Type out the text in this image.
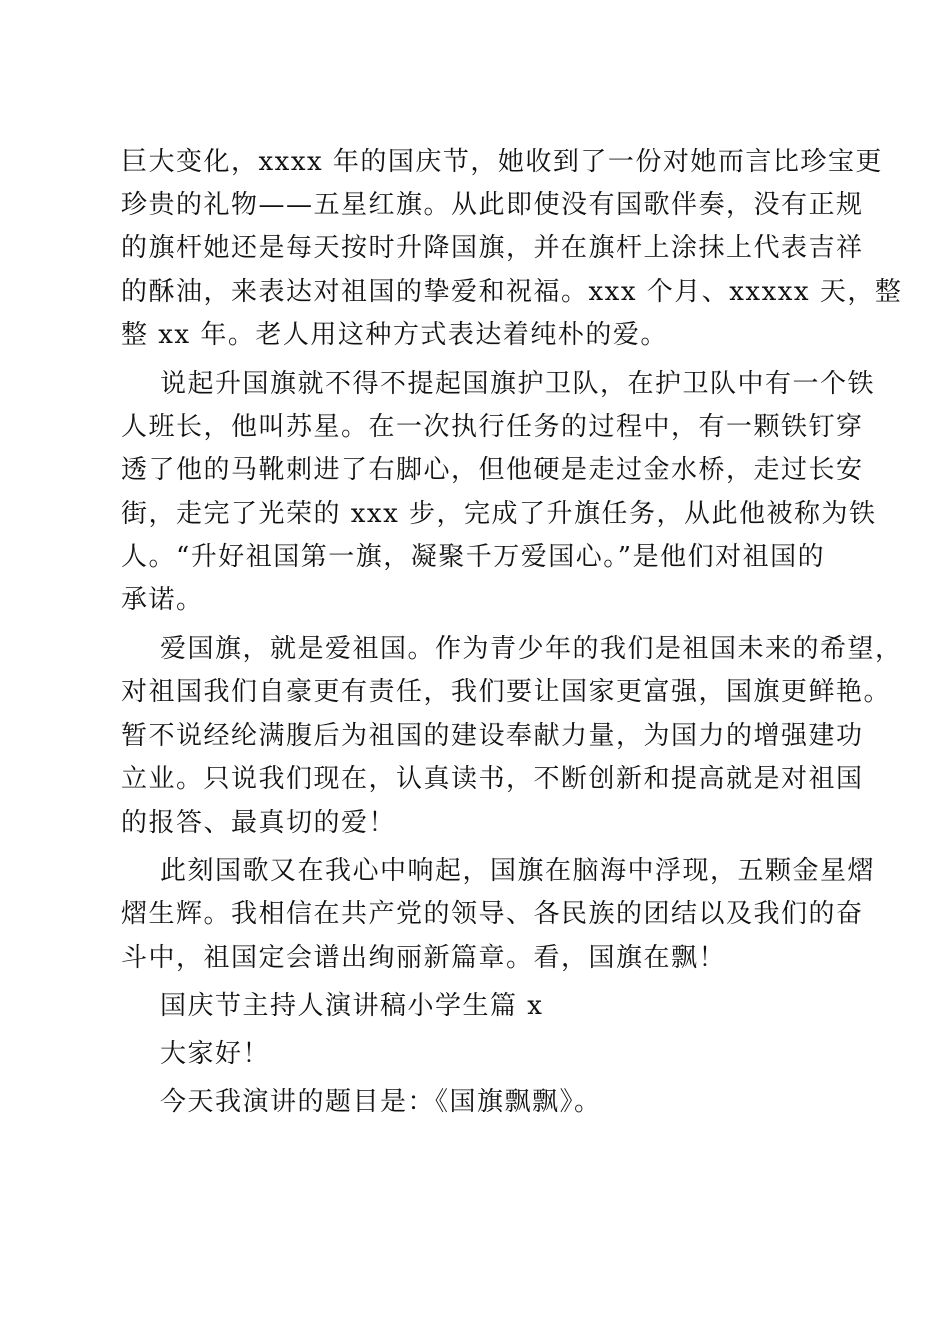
巨大变化，xxxx 年的国庆节，她收到了一份对她而言比珍宝更
珍贵的礼物——五星红旗。从此即使没有国歌伴奏，没有正规
的旗杆她还是每天按时升降国旗，并在旗杆上涂抹上代表吉祥
的酥油，来表达对祖国的挚爱和祝福。xxx 个月、xxxxx 天，整
整 xx 年。老人用这种方式表达着纯朴的爱。
说起升国旗就不得不提起国旗护卫队，在护卫队中有一个铁
人班长，他叫苏星。在一次执行任务的过程中，有一颗铁钉穿
透了他的马靴刺进了右脚心，但他硬是走过金水桥，走过长安
街，走完了光荣的 xxx 步，完成了升旗任务，从此他被称为铁
人。“升好祖国第一旗，凝聚千万爱国心。”是他们对祖国的
承诺。
爱国旗，就是爱祖国。作为青少年的我们是祖国未来的希望，
对祖国我们自豪更有责任，我们要让国家更富强，国旗更鲜艳。
暂不说经纶满腹后为祖国的建设奉献力量，为国力的增强建功
立业。只说我们现在，认真读书，不断创新和提高就是对祖国
的报答、最真切的爱！
此刻国歌又在我心中响起，国旗在脑海中浮现，五颗金星熠
熠生辉。我相信在共产党的领导、各民族的团结以及我们的奋
斗中，祖国定会谱出绚丽新篇章。看，国旗在飘！
国庆节主持人演讲稿小学生篇 x
大家好！
今天我演讲的题目是：《国旗飘飘》。
